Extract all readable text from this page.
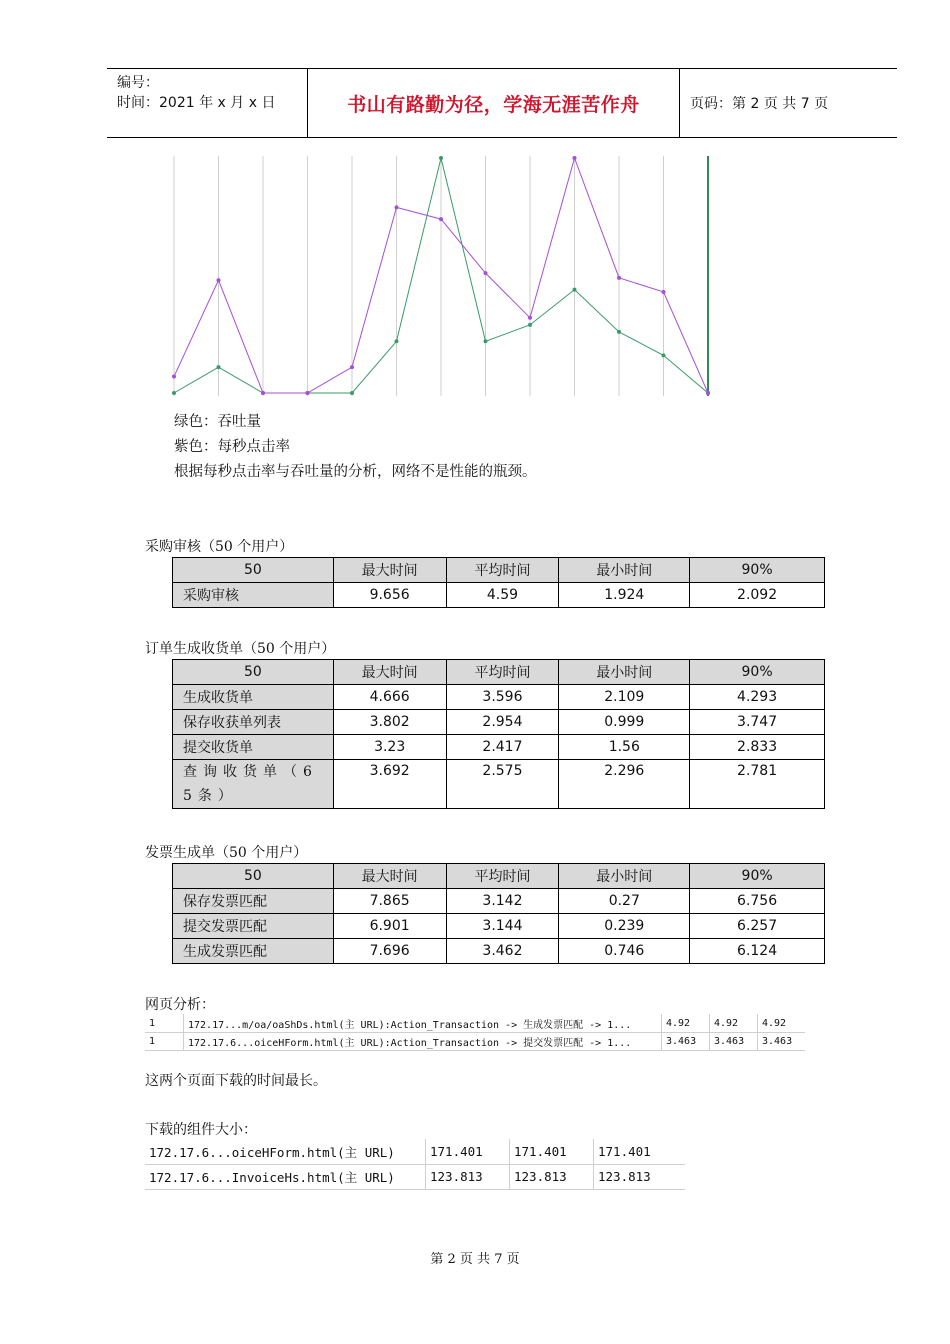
编号：
时间：2021 年 x 月 x 日	书山有路勤为径，学海无涯苦作舟	页码：第 2 页 共 7 页
绿色：吞吐量
紫色：每秒点击率
根据每秒点击率与吞吐量的分析，网络不是性能的瓶颈。
采购审核（50 个用户）
50	最大时间	平均时间	最小时间	90%
采购审核	9.656	4.59	1.924	2.092
订单生成收货单（50 个用户）
50	最大时间	平均时间	最小时间	90%
生成收货单	4.666	3.596	2.109	4.293
保存收获单列表	3.802	2.954	0.999	3.747
提交收货单	3.23	2.417	1.56	2.833
查询收货单（65条）	3.692	2.575	2.296	2.781
发票生成单（50 个用户）
50	最大时间	平均时间	最小时间	90%
保存发票匹配	7.865	3.142	0.27	6.756
提交发票匹配	6.901	3.144	0.239	6.257
生成发票匹配	7.696	3.462	0.746	6.124
网页分析：
1	172.17...m/oa/oaShDs.html(主 URL):Action_Transaction -> 生成发票匹配 -> 1...	4.92	4.92	4.92
1	172.17.6...oiceHForm.html(主 URL):Action_Transaction -> 提交发票匹配 -> 1...	3.463	3.463	3.463
这两个页面下载的时间最长。
下载的组件大小：
172.17.6...oiceHForm.html(主 URL)	171.401	171.401	171.401
172.17.6...InvoiceHs.html(主 URL)	123.813	123.813	123.813
第 2 页 共 7 页
